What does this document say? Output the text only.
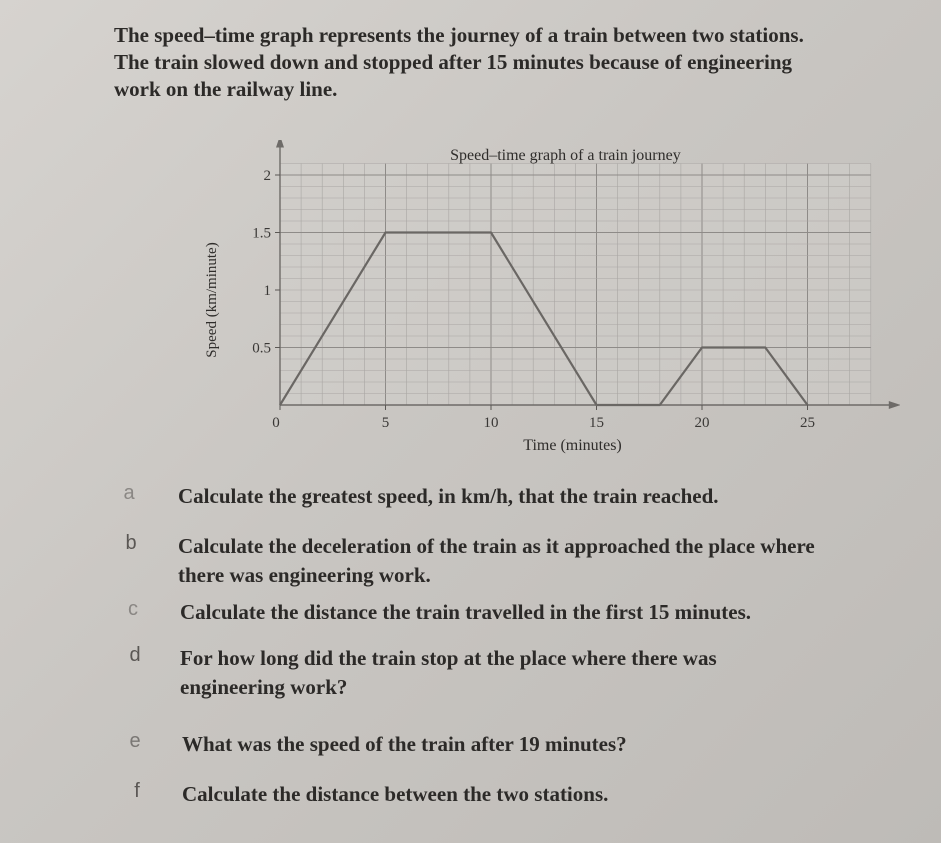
The speed–time graph represents the journey of a train between two stations.

The train slowed down and stopped after 15 minutes because of engineering

work on the railway line.

0.5
1
1.5
2
0	5	10	15	20	25
Speed–time graph of a train journey
Time (minutes)
Speed (km/minute)
a	Calculate the greatest speed, in km/h, that the train reached.
b	Calculate the deceleration of the train as it approached the place where
there was engineering work.
c	Calculate the distance the train travelled in the first 15 minutes.
d	For how long did the train stop at the place where there was
engineering work?
e	What was the speed of the train after 19 minutes?
f	Calculate the distance between the two stations.
